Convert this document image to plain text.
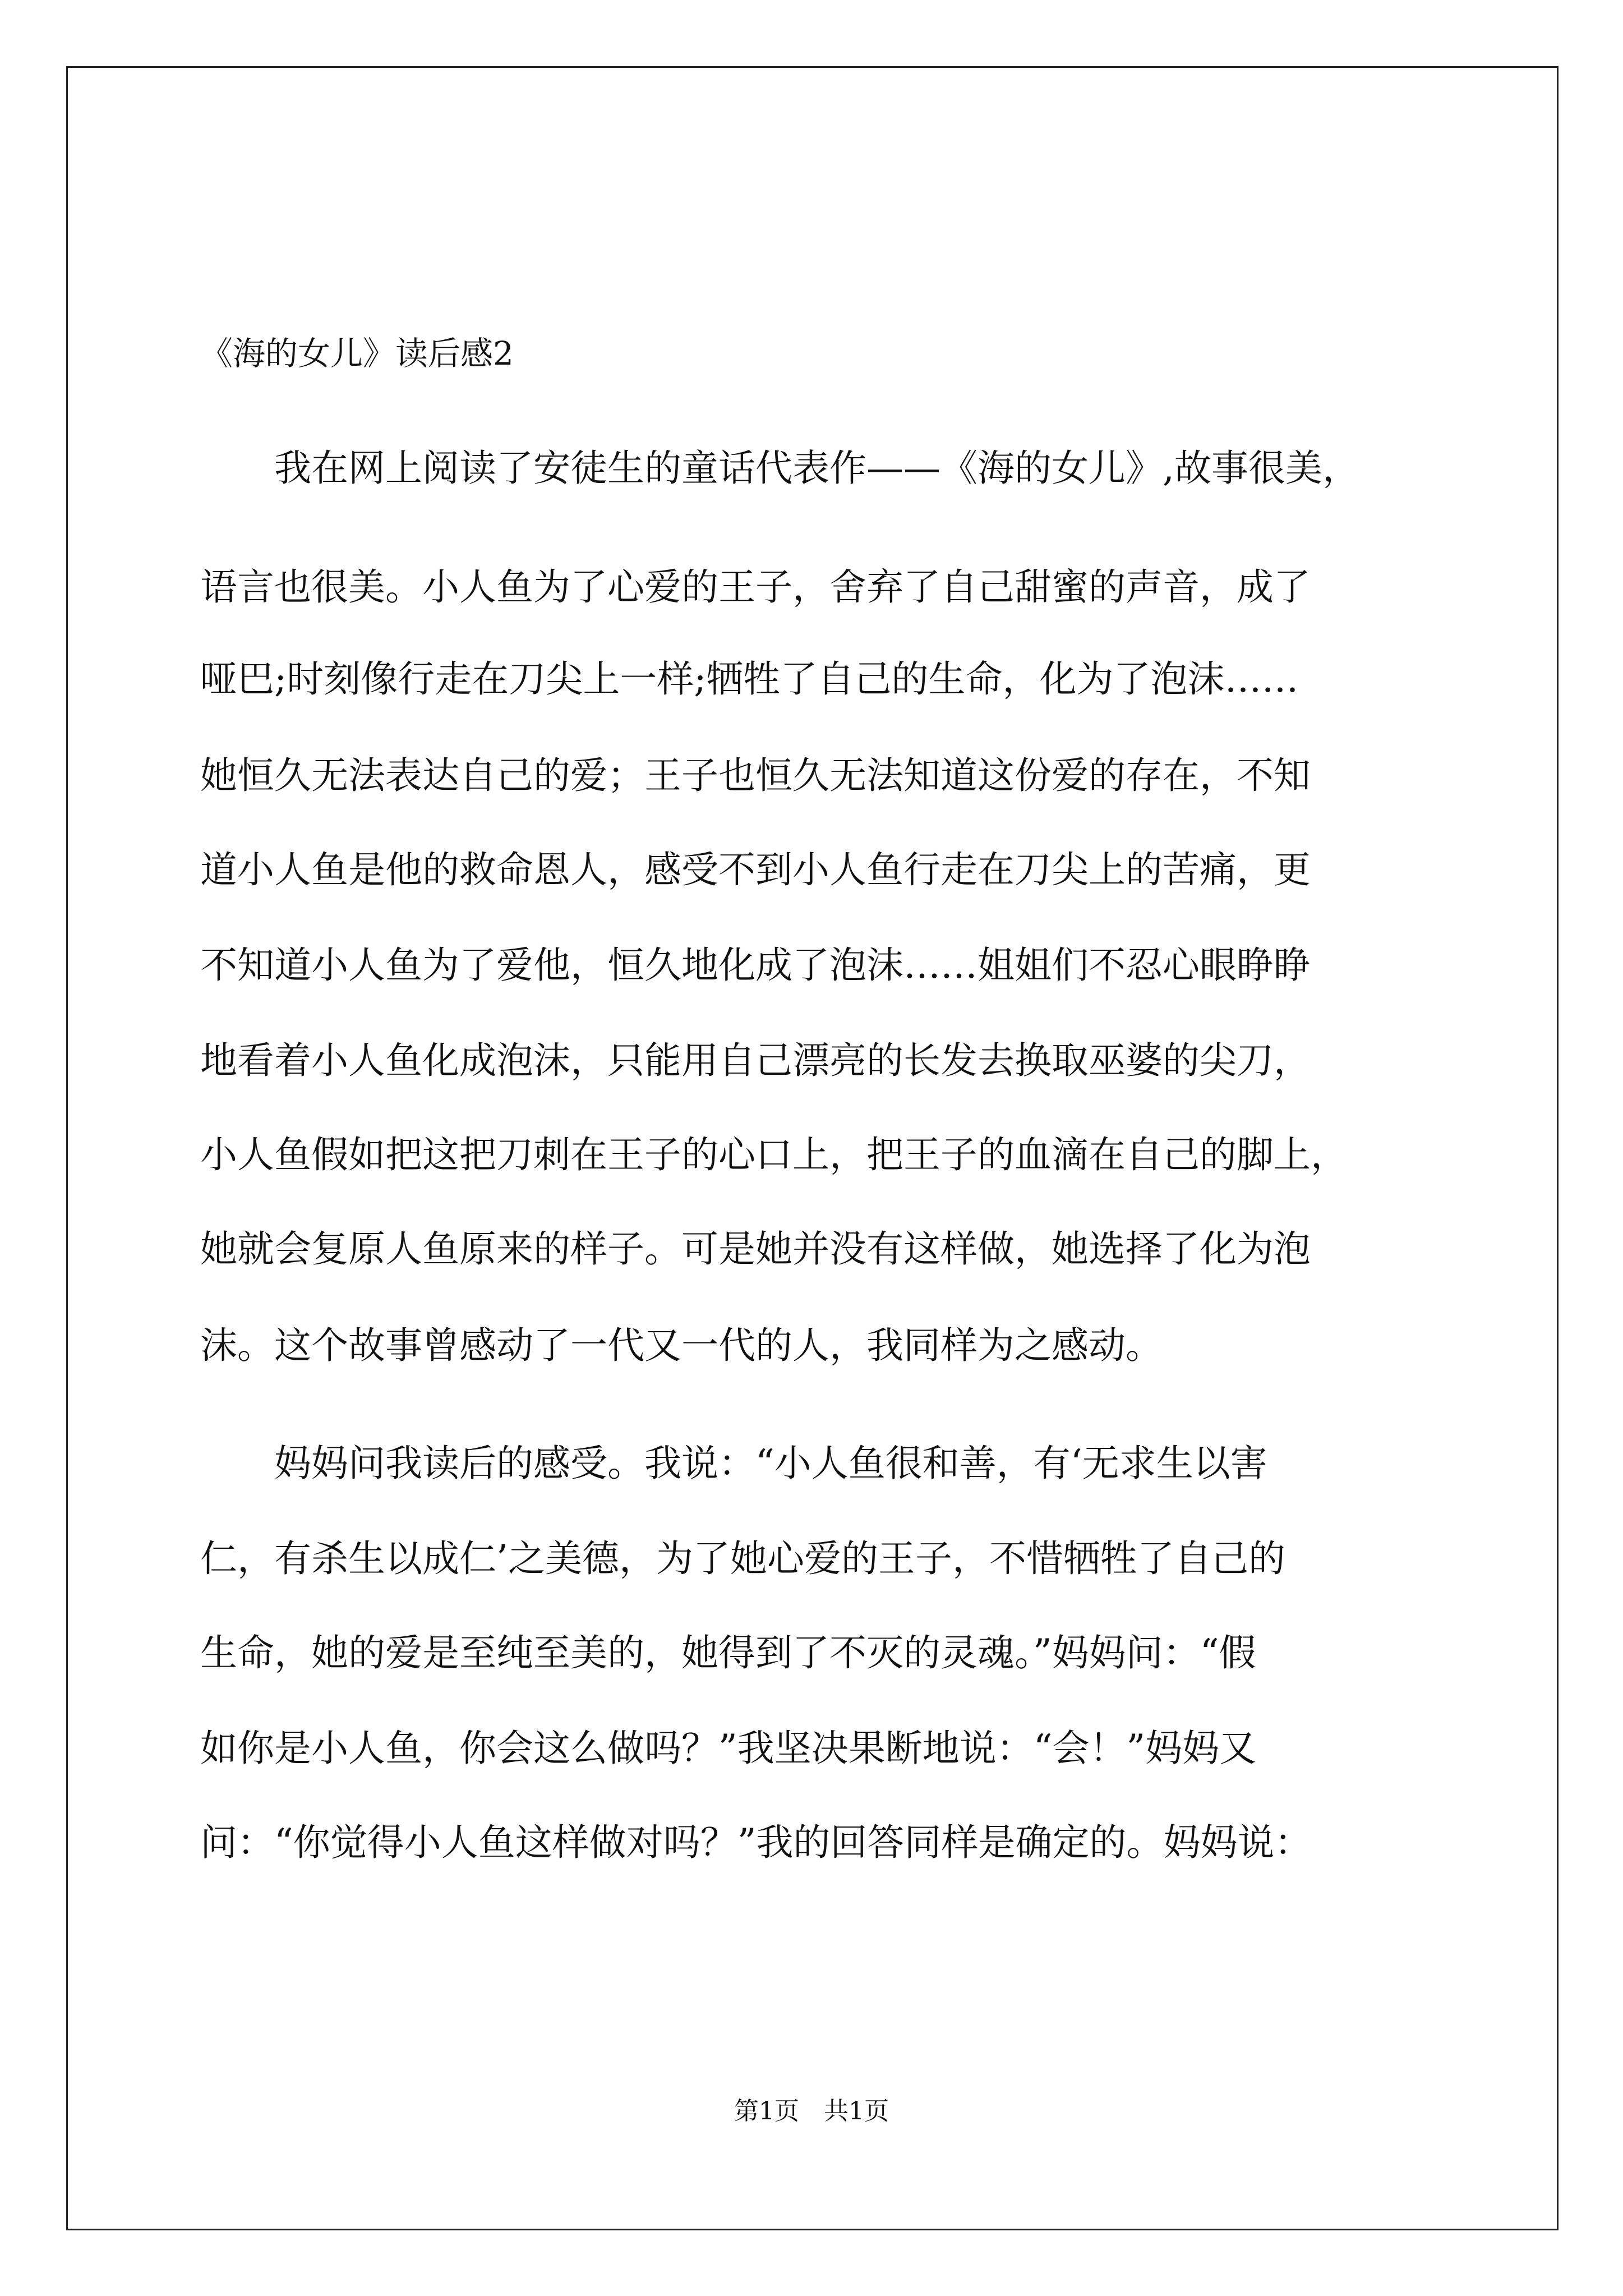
《海的女儿》读后感2
　　我在网上阅读了安徒生的童话代表作——《海的女儿》,故事很美，
语言也很美。小人鱼为了心爱的王子，舍弃了自己甜蜜的声音，成了
哑巴;时刻像行走在刀尖上一样;牺牲了自己的生命，化为了泡沫……
她恒久无法表达自己的爱；王子也恒久无法知道这份爱的存在，不知
道小人鱼是他的救命恩人，感受不到小人鱼行走在刀尖上的苦痛，更
不知道小人鱼为了爱他，恒久地化成了泡沫……姐姐们不忍心眼睁睁
地看着小人鱼化成泡沫，只能用自己漂亮的长发去换取巫婆的尖刀，
小人鱼假如把这把刀刺在王子的心口上，把王子的血滴在自己的脚上，
她就会复原人鱼原来的样子。可是她并没有这样做，她选择了化为泡
沫。这个故事曾感动了一代又一代的人，我同样为之感动。
　　妈妈问我读后的感受。我说：“小人鱼很和善，有‘无求生以害
仁，有杀生以成仁’之美德，为了她心爱的王子，不惜牺牲了自己的
生命，她的爱是至纯至美的，她得到了不灭的灵魂。”妈妈问：“假
如你是小人鱼，你会这么做吗？”我坚决果断地说：“会！”妈妈又
问：“你觉得小人鱼这样做对吗？”我的回答同样是确定的。妈妈说：
第1页　共1页
